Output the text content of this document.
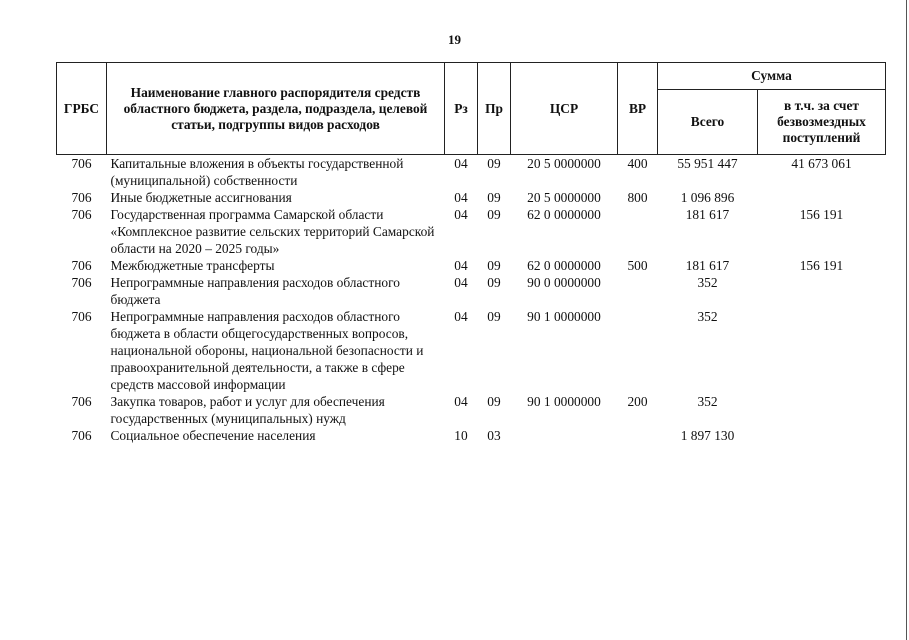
19
ГРБС	Наименование главного распорядителя средств областного бюджета, раздела, подраздела, целевой статьи, подгруппы видов расходов	Рз	Пр	ЦСР	ВР	Сумма	
						Всего	в т.ч. за счет безвозмездных поступлений
706	Капитальные вложения в объекты государственной (муниципальной) собственности	04	09	20 5 0000000	400	55 951 447	41 673 061
706	Иные бюджетные ассигнования	04	09	20 5 0000000	800	1 096 896	
706	Государственная программа Самарской области «Комплексное развитие сельских территорий Самарской области на 2020 – 2025 годы»	04	09	62 0 0000000		181 617	156 191
706	Межбюджетные трансферты	04	09	62 0 0000000	500	181 617	156 191
706	Непрограммные направления расходов областного бюджета	04	09	90 0 0000000		352	
706	Непрограммные направления расходов областного бюджета в области общегосударственных вопросов, национальной обороны, национальной безопасности и правоохранительной деятельности, а также в сфере средств массовой информации	04	09	90 1 0000000		352	
706	Закупка товаров, работ и услуг для обеспечения государственных (муниципальных) нужд	04	09	90 1 0000000	200	352	
706	Социальное обеспечение населения	10	03			1 897 130	
